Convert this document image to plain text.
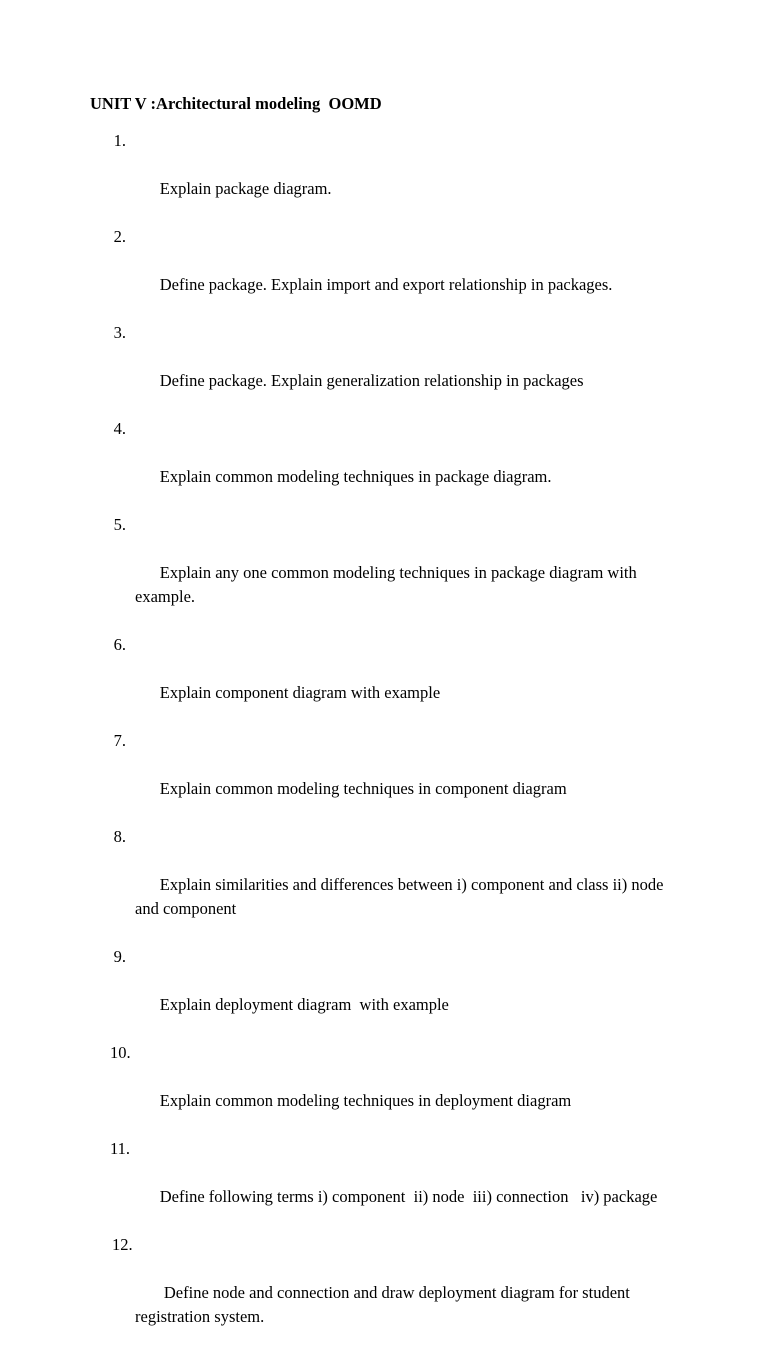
UNIT V :Architectural modeling  OOMD

1.

Explain package diagram.

2.

Define package. Explain import and export relationship in packages.

3.

Define package. Explain generalization relationship in packages

4.

Explain common modeling techniques in package diagram.

5.

Explain any one common modeling techniques in package diagram with example.

6.

Explain component diagram with example

7.

Explain common modeling techniques in component diagram

8.

Explain similarities and differences between i) component and class ii) node and component

9.

Explain deployment diagram  with example

10.

Explain common modeling techniques in deployment diagram

11.

Define following terms i) component  ii) node  iii) connection   iv) package

12.

Define node and connection and draw deployment diagram for student registration system.
